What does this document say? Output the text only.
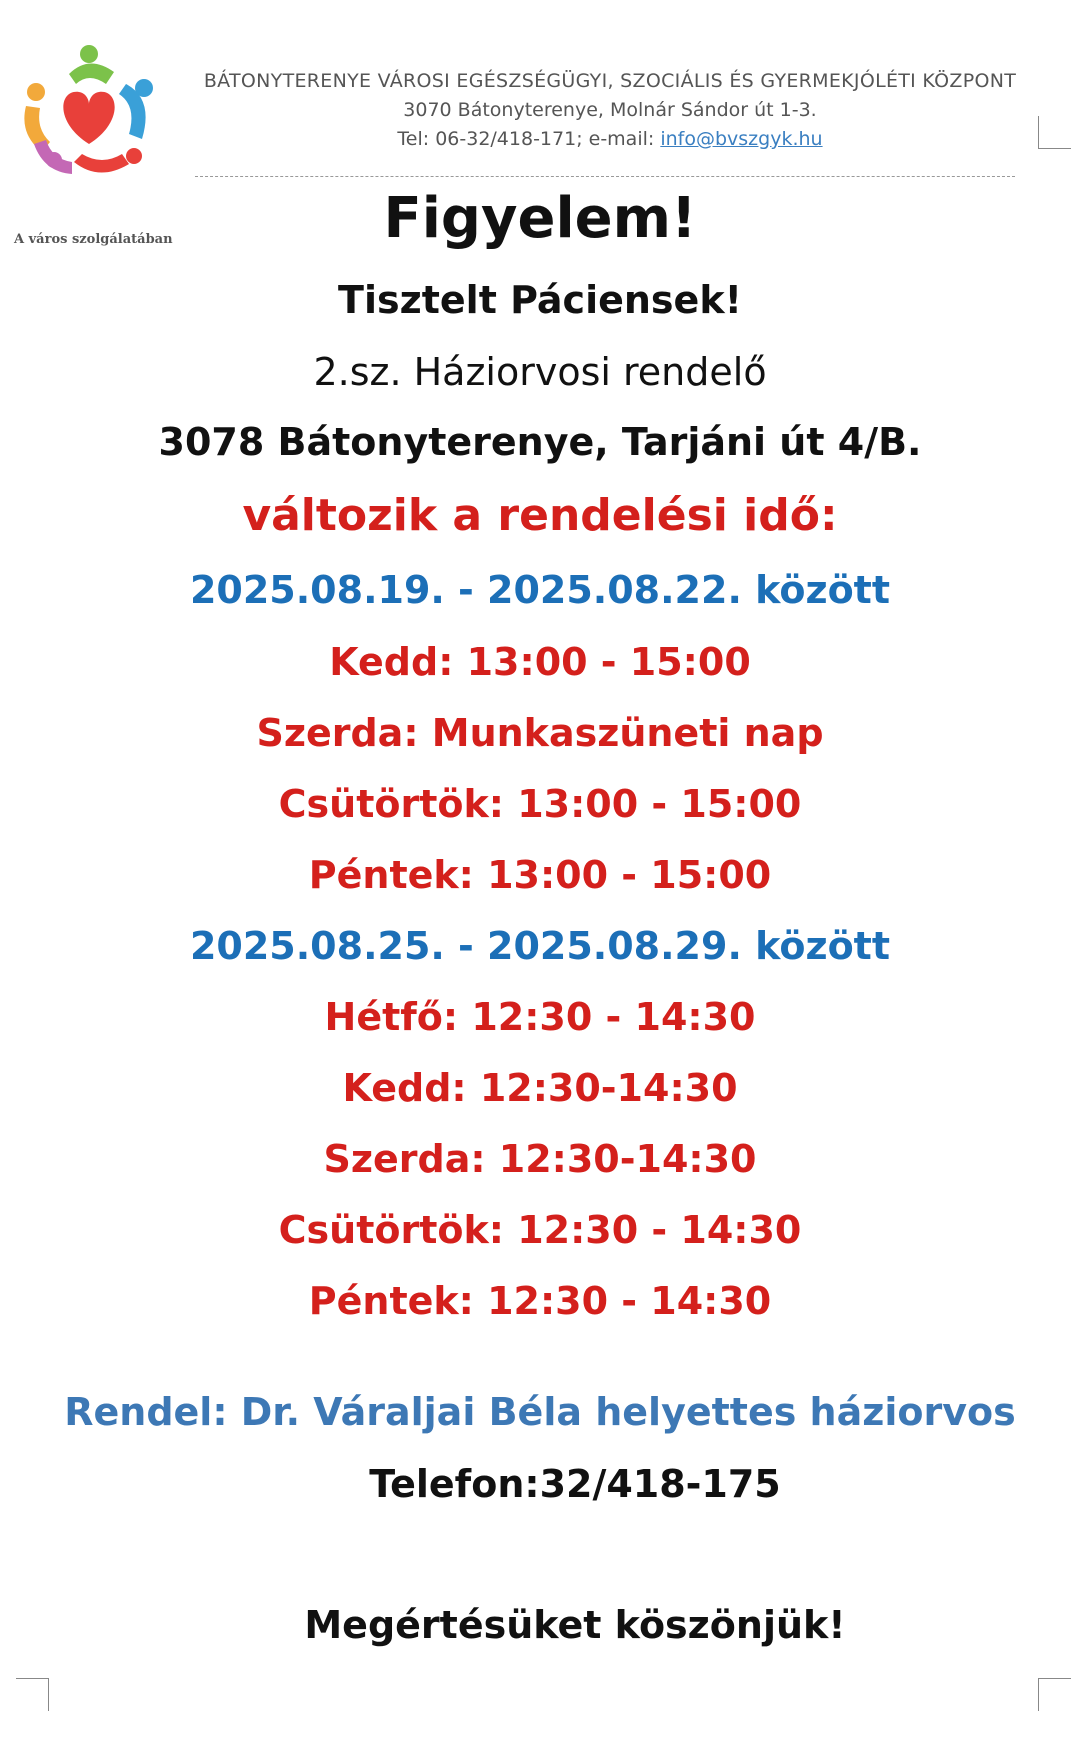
A város szolgálatában
BÁTONYTERENYE VÁROSI EGÉSZSÉGÜGYI, SZOCIÁLIS ÉS GYERMEKJÓLÉTI KÖZPONT
3070 Bátonyterenye, Molnár Sándor út 1-3.
Tel: 06-32/418-171; e-mail: info@bvszgyk.hu
Figyelem!
Tisztelt Páciensek!
2.sz. Háziorvosi rendelő
3078 Bátonyterenye, Tarjáni út 4/B.
változik a rendelési idő:
2025.08.19. - 2025.08.22. között
Kedd: 13:00 - 15:00
Szerda: Munkaszüneti nap
Csütörtök: 13:00 - 15:00
Péntek: 13:00 - 15:00
2025.08.25. - 2025.08.29. között
Hétfő: 12:30 - 14:30
Kedd: 12:30-14:30
Szerda: 12:30-14:30
Csütörtök: 12:30 - 14:30
Péntek: 12:30 - 14:30
Rendel: Dr. Váraljai Béla helyettes háziorvos
Telefon:32/418-175
Megértésüket köszönjük!
